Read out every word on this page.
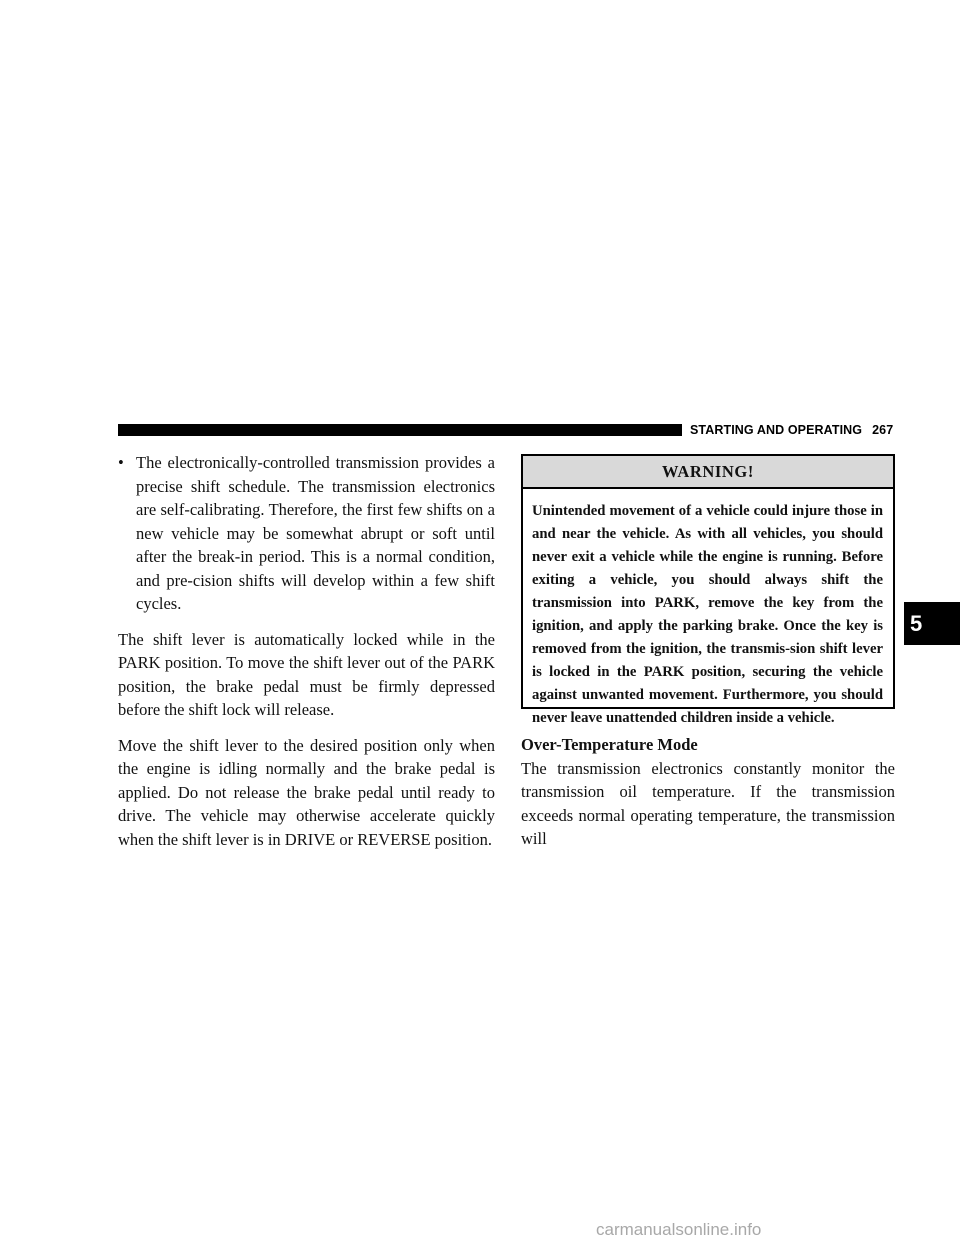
STARTING AND OPERATING 267
• The electronically-controlled transmission provides a precise shift schedule. The transmission electronics are self-calibrating. Therefore, the first few shifts on a new vehicle may be somewhat abrupt or soft until after the break-in period. This is a normal condition, and pre-cision shifts will develop within a few shift cycles.

The shift lever is automatically locked while in the PARK position. To move the shift lever out of the PARK position, the brake pedal must be firmly depressed before the shift lock will release.

Move the shift lever to the desired position only when the engine is idling normally and the brake pedal is applied. Do not release the brake pedal until ready to drive. The vehicle may otherwise accelerate quickly when the shift lever is in DRIVE or REVERSE position.

WARNING!
Unintended movement of a vehicle could injure those in and near the vehicle. As with all vehicles, you should never exit a vehicle while the engine is running. Before exiting a vehicle, you should always shift the transmission into PARK, remove the key from the ignition, and apply the parking brake. Once the key is removed from the ignition, the transmis-sion shift lever is locked in the PARK position, securing the vehicle against unwanted movement. Furthermore, you should never leave unattended children inside a vehicle.
Over-Temperature Mode

The transmission electronics constantly monitor the transmission oil temperature. If the transmission exceeds normal operating temperature, the transmission will

5
carmanualsonline.info
